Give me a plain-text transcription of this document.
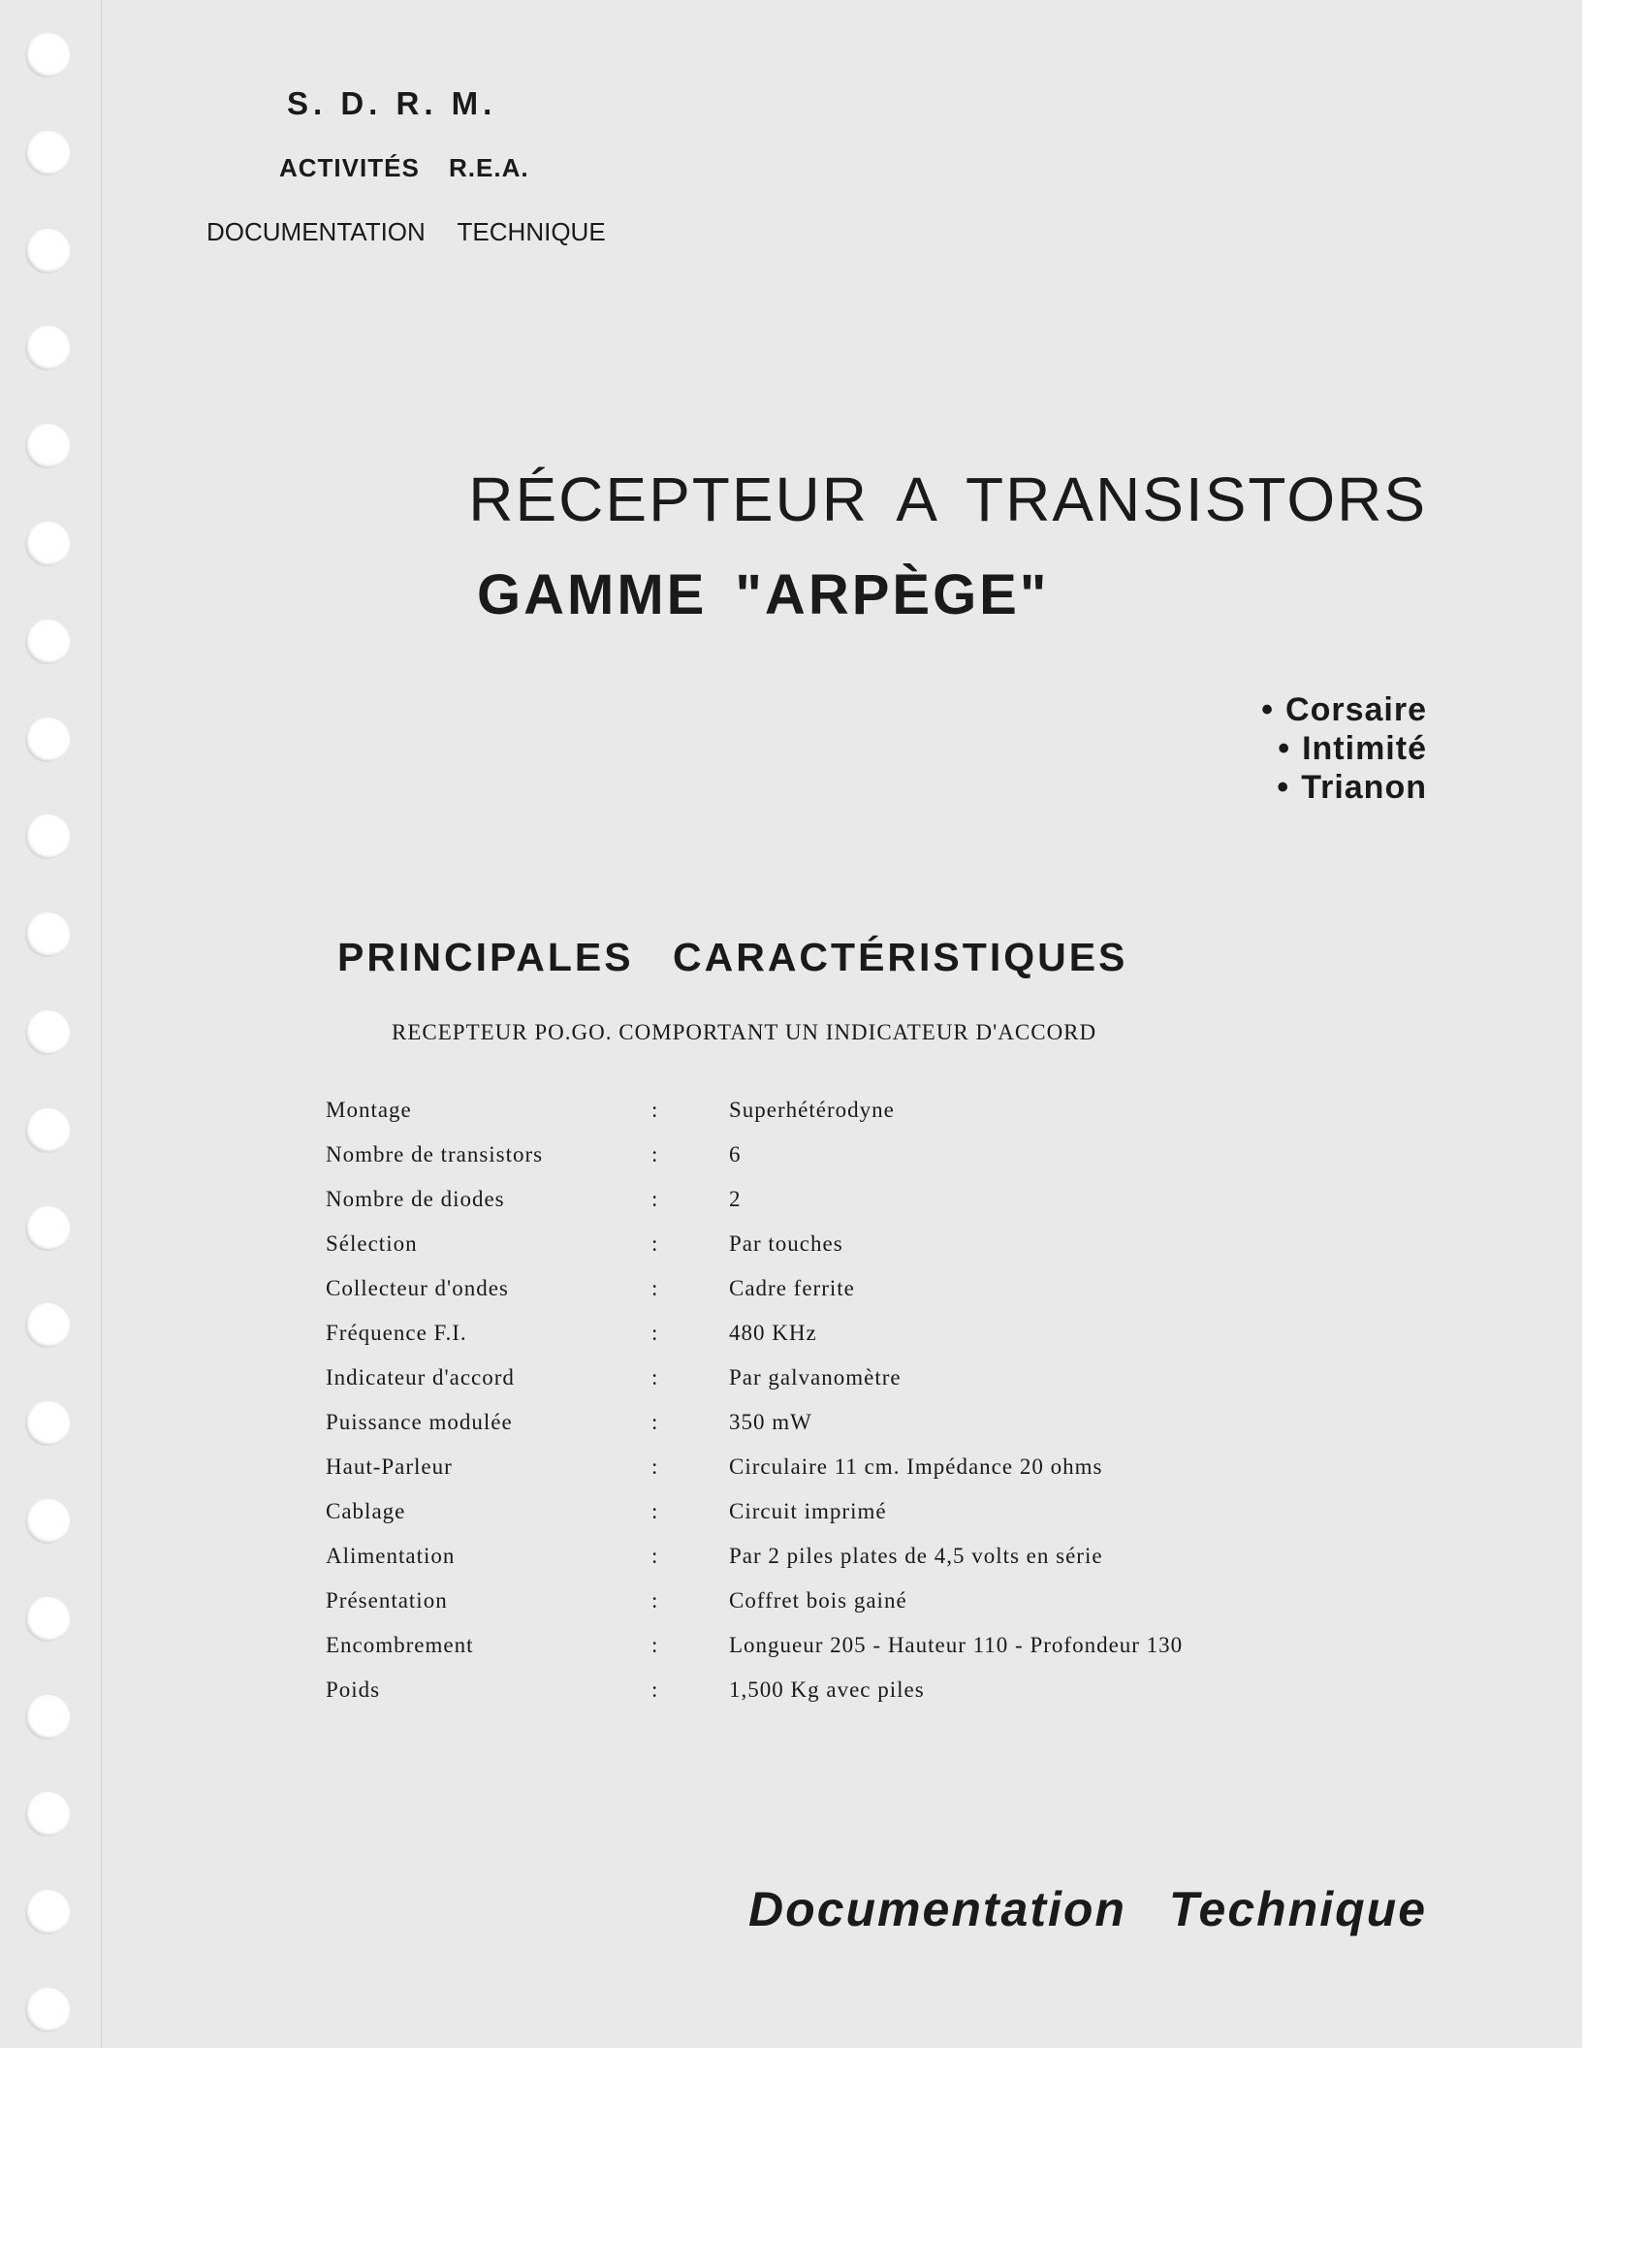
S. D. R. M.
ACTIVITÉS R.E.A.
DOCUMENTATION TECHNIQUE
RÉCEPTEUR A TRANSISTORS
GAMME "ARPÈGE"
• Corsaire
• Intimité
• Trianon
PRINCIPALES CARACTÉRISTIQUES
RECEPTEUR PO.GO. COMPORTANT UN INDICATEUR D'ACCORD
Montage	:	Superhétérodyne
Nombre de transistors	:	6
Nombre de diodes	:	2
Sélection	:	Par touches
Collecteur d'ondes	:	Cadre ferrite
Fréquence F.I.	:	480 KHz
Indicateur d'accord	:	Par galvanomètre
Puissance modulée	:	350 mW
Haut-Parleur	:	Circulaire 11 cm. Impédance 20 ohms
Cablage	:	Circuit imprimé
Alimentation	:	Par 2 piles plates de 4,5 volts en série
Présentation	:	Coffret bois gainé
Encombrement	:	Longueur 205 - Hauteur 110 - Profondeur 130
Poids	:	1,500 Kg avec piles
Documentation Technique
